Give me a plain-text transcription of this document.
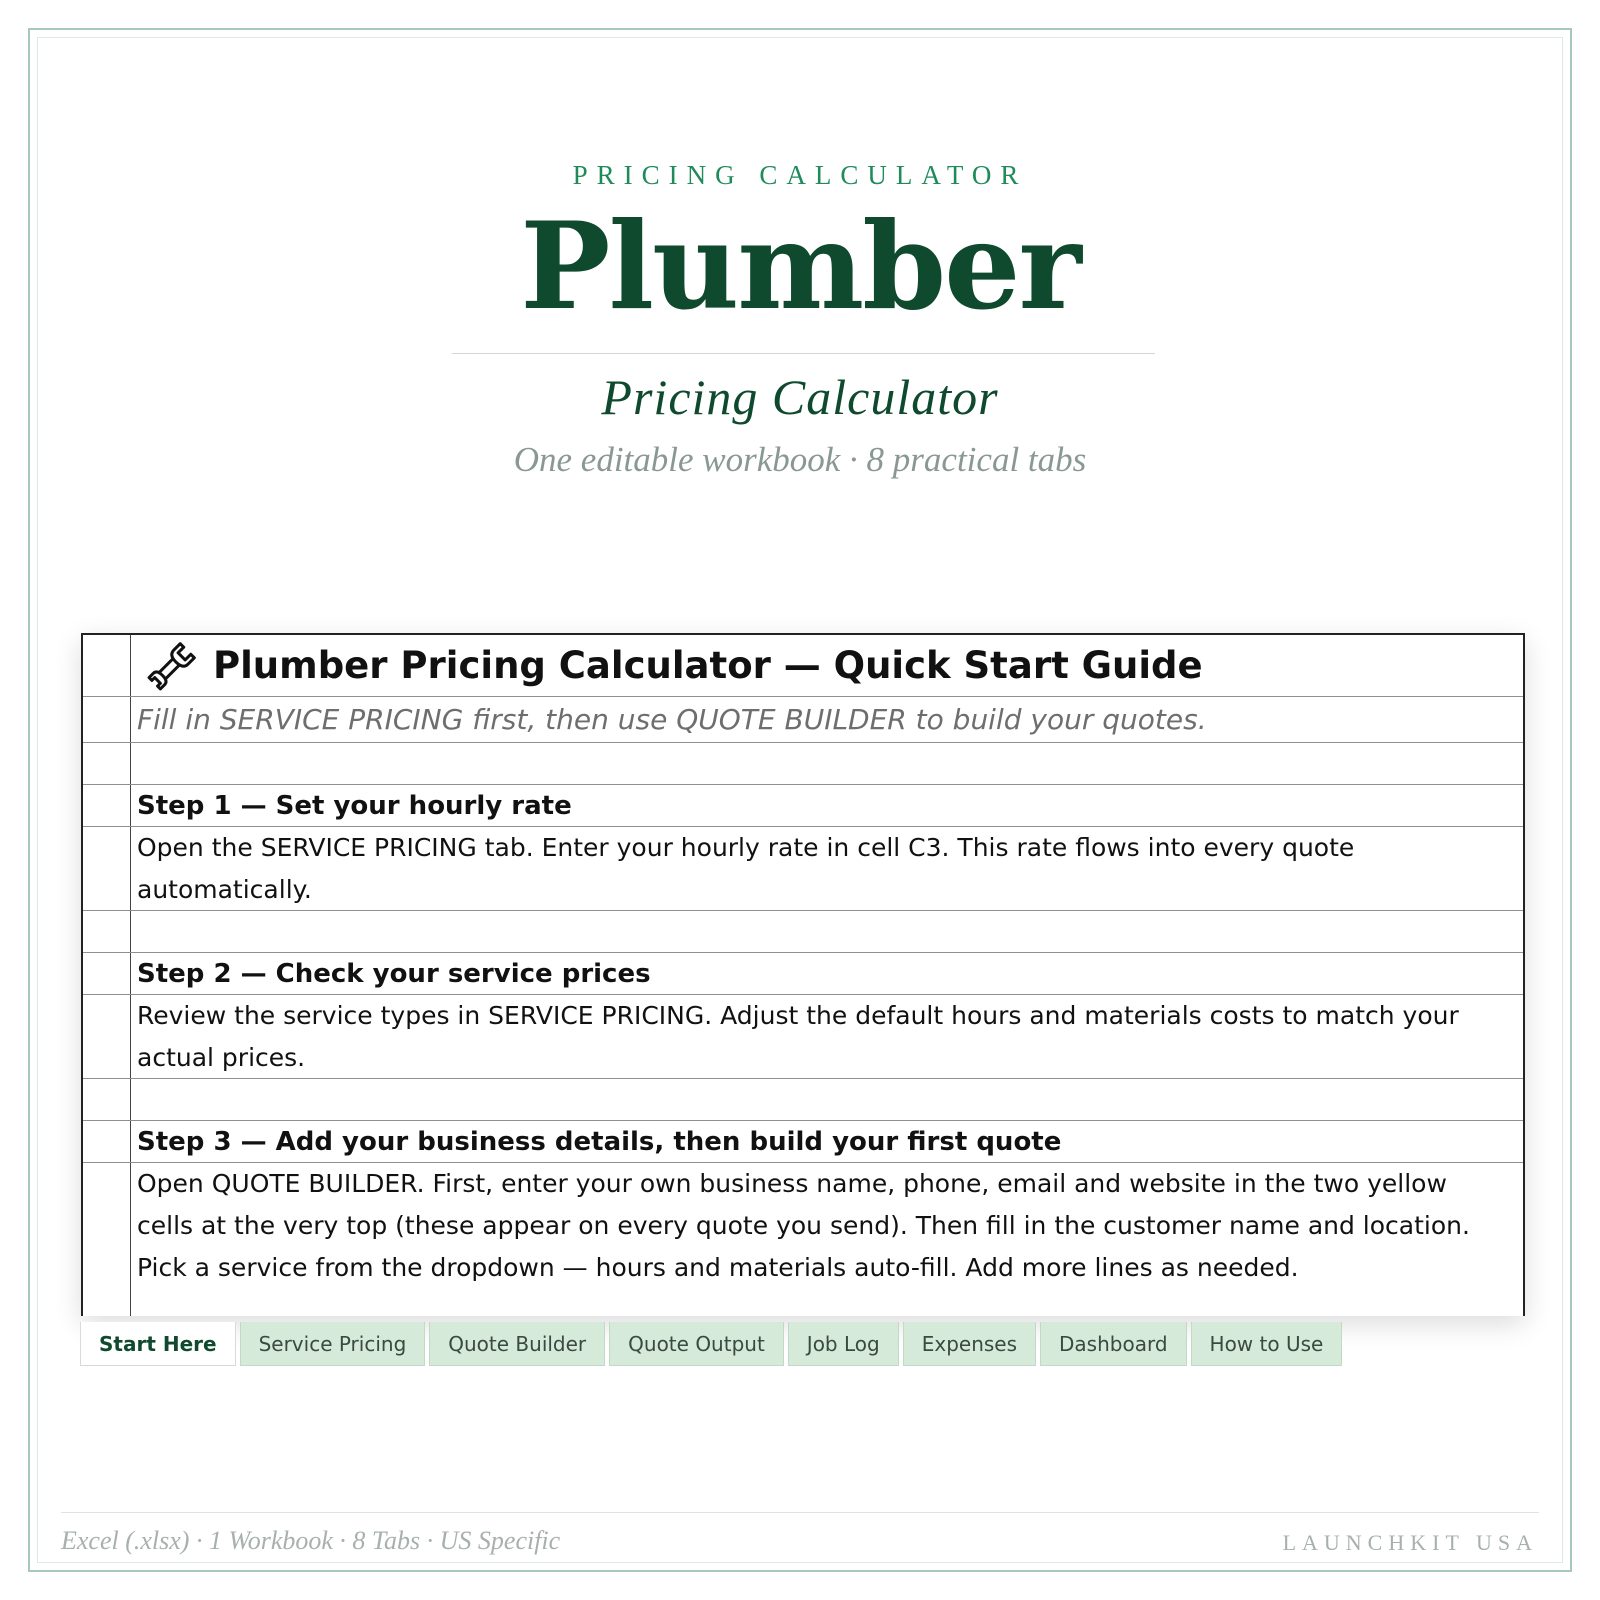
PRICING CALCULATOR
Plumber
Pricing Calculator
One editable workbook · 8 practical tabs
Plumber Pricing Calculator — Quick Start Guide
Fill in SERVICE PRICING first, then use QUOTE BUILDER to build your quotes.
Step 1 — Set your hourly rate
Open the SERVICE PRICING tab. Enter your hourly rate in cell C3. This rate flows into every quote automatically.
Step 2 — Check your service prices
Review the service types in SERVICE PRICING. Adjust the default hours and materials costs to match your actual prices.
Step 3 — Add your business details, then build your first quote
Open QUOTE BUILDER. First, enter your own business name, phone, email and website in the two yellow cells at the very top (these appear on every quote you send). Then fill in the customer name and location. Pick a service from the dropdown — hours and materials auto-fill. Add more lines as needed.
Start Here	Service Pricing	Quote Builder	Quote Output	Job Log	Expenses	Dashboard	How to Use
Excel (.xlsx) · 1 Workbook · 8 Tabs · US Specific	LAUNCHKIT USA
